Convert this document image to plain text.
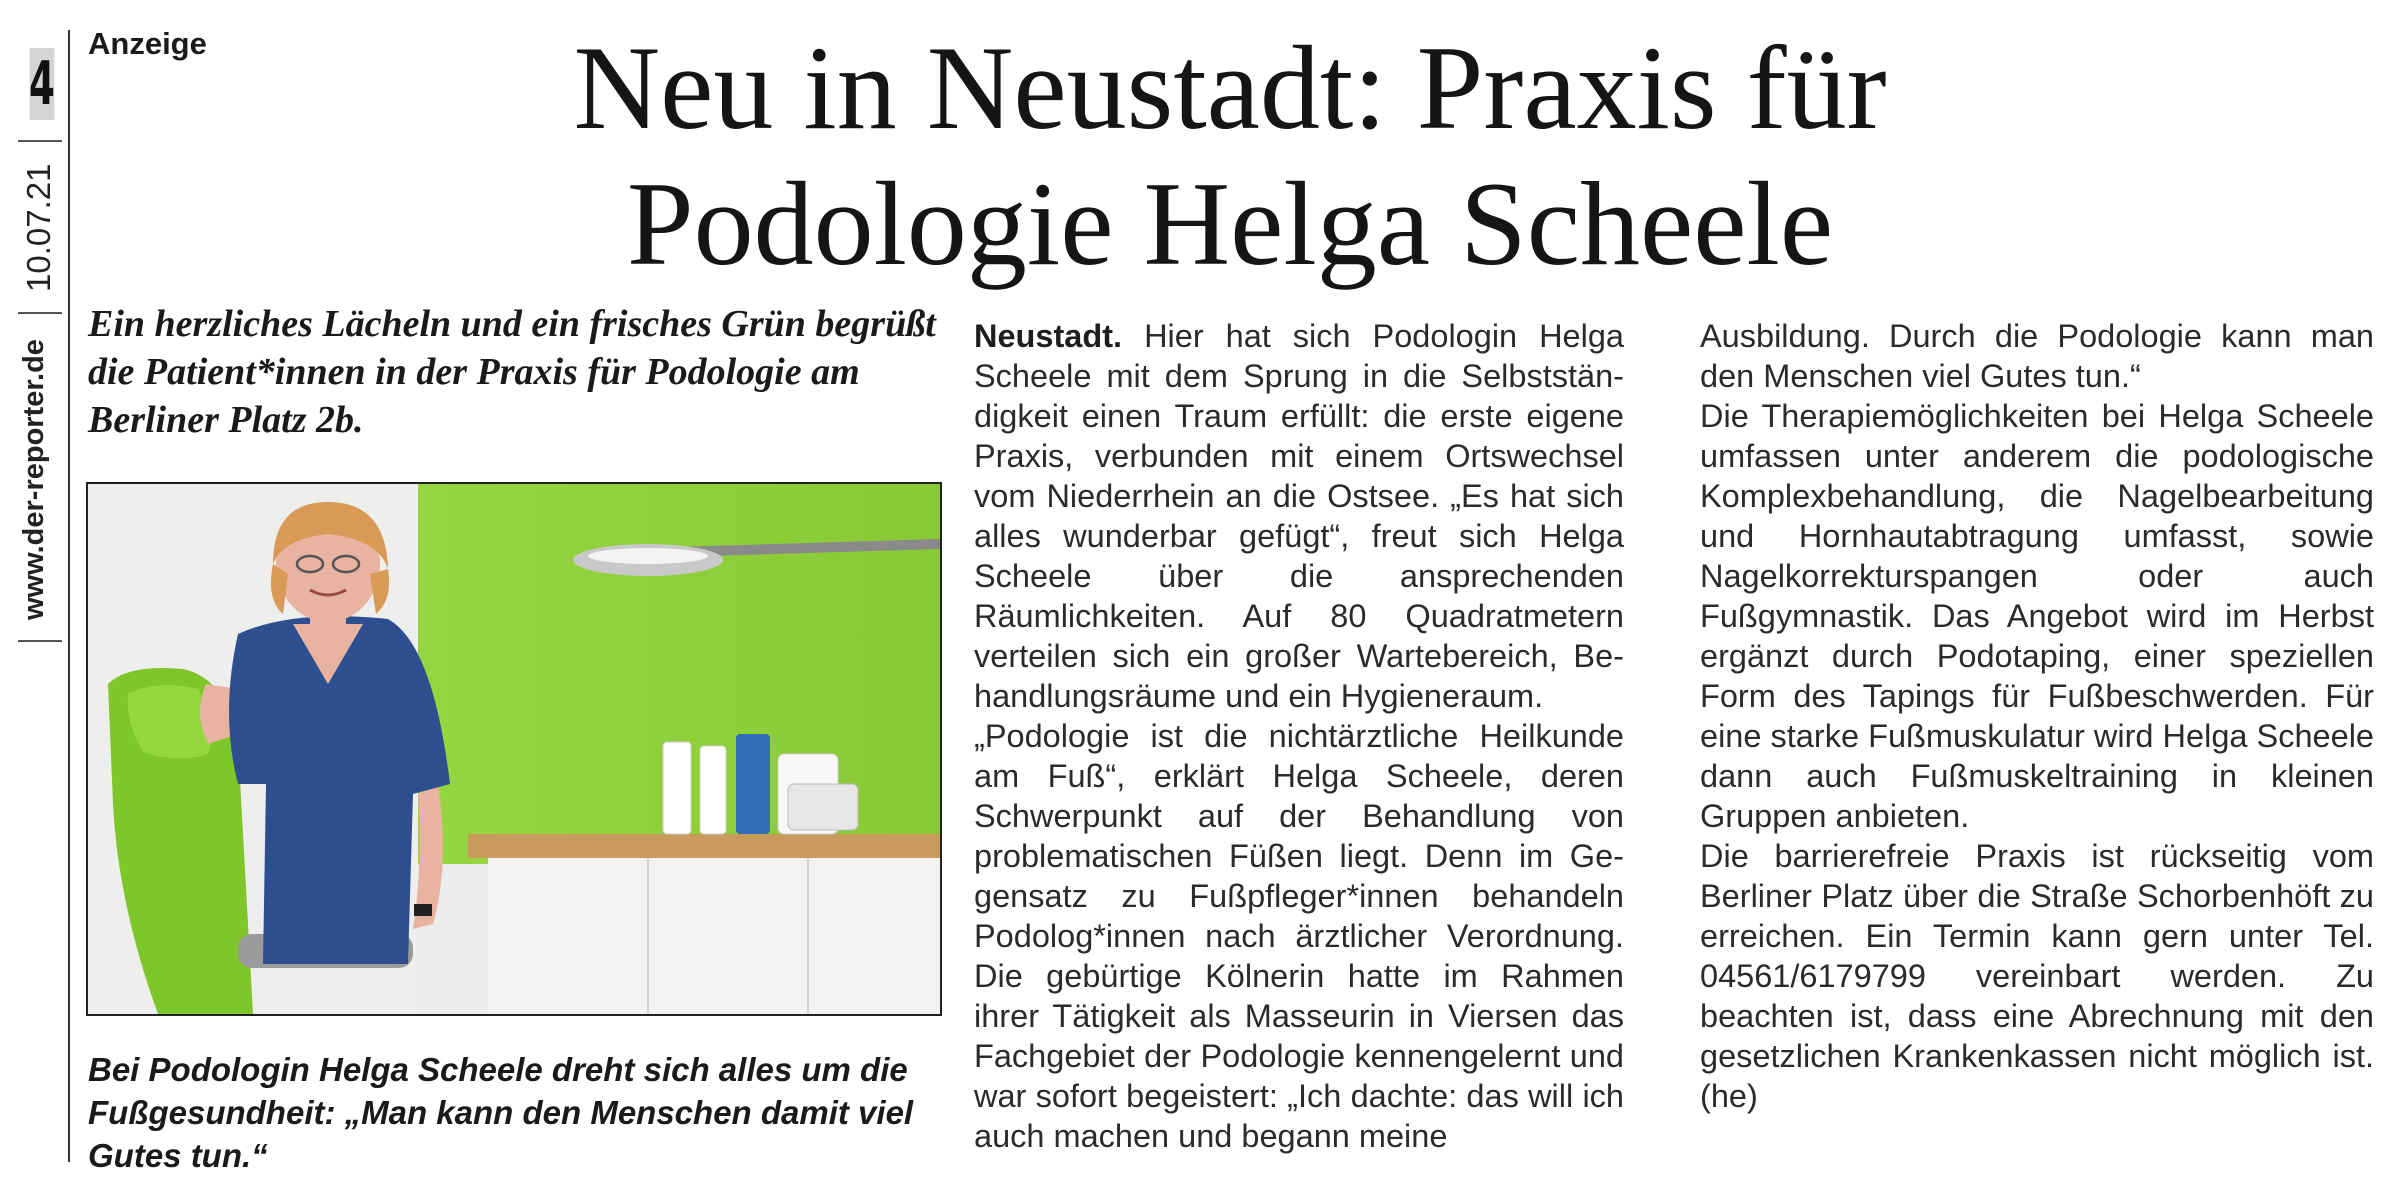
4
10.07.21
www.der-reporter.de
Anzeige	Neu in Neustadt: Praxis für
Podologie Helga Scheele

Ein herzliches Lächeln und ein frisches Grün begrüßt die Patient*innen in der Praxis für Podologie am Berliner Platz 2b.

Bei Podologin Helga Scheele dreht sich alles um die Fußgesundheit: „Man kann den Menschen damit viel Gutes tun.“

Neustadt. Hier hat sich Podologin Helga Scheele mit dem Sprung in die Selbstständigkeit einen Traum erfüllt: die erste eigene Praxis, verbunden mit einem Ortswechsel vom Niederrhein an die Ostsee. „Es hat sich alles wunderbar gefügt“, freut sich Helga Scheele über die ansprechenden Räumlichkeiten. Auf 80 Quadratmetern verteilen sich ein großer Wartebereich, Behandlungsräume und ein Hygieneraum.

„Podologie ist die nichtärztliche Heilkunde am Fuß“, erklärt Helga Scheele, deren Schwerpunkt auf der Behandlung von problematischen Füßen liegt. Denn im Gegensatz zu Fußpfleger*innen behandeln Podolog*innen nach ärztlicher Verordnung. Die gebürtige Kölnerin hatte im Rahmen ihrer Tätigkeit als Masseurin in Viersen das Fachgebiet der Podologie kennengelernt und war sofort begeistert: „Ich dachte: das will ich auch machen und begann meine

Ausbildung. Durch die Podologie kann man den Menschen viel Gutes tun.“

Die Therapiemöglichkeiten bei Helga Scheele umfassen unter anderem die podologische Komplexbehandlung, die Nagelbearbeitung und Hornhautabtragung umfasst, sowie Nagelkorrekturspangen oder auch Fußgymnastik. Das Angebot wird im Herbst ergänzt durch Podotaping, einer speziellen Form des Tapings für Fußbeschwerden. Für eine starke Fußmuskulatur wird Helga Scheele dann auch Fußmuskeltraining in kleinen Gruppen anbieten.

Die barrierefreie Praxis ist rückseitig vom Berliner Platz über die Straße Schorbenhöft zu erreichen. Ein Termin kann gern unter Tel. 04561/6179799 vereinbart werden. Zu beachten ist, dass eine Abrechnung mit den gesetzlichen Krankenkassen nicht möglich ist. (he)
